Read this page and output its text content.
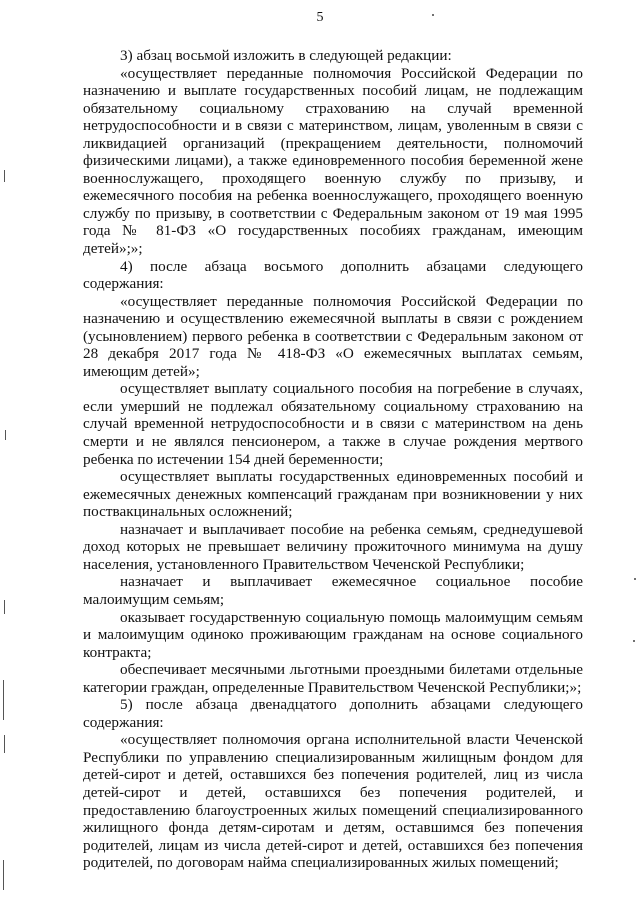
5

3) абзац восьмой изложить в следующей редакции:

«осуществляет переданные полномочия Российской Федерации по назначению и выплате государственных пособий лицам, не подлежащим обязательному социальному страхованию на случай временной нетрудоспособности и в связи с материнством, лицам, уволенным в связи с ликвидацией организаций (прекращением деятельности, полномочий физическими лицами), а также единовременного пособия беременной жене военнослужащего, проходящего военную службу по призыву, и ежемесячного пособия на ребенка военнослужащего, проходящего военную службу по призыву, в соответствии с Федеральным законом от 19 мая 1995 года № 81-ФЗ «О государственных пособиях гражданам, имеющим детей»;»;

4) после абзаца восьмого дополнить абзацами следующего содержания:

«осуществляет переданные полномочия Российской Федерации по назначению и осуществлению ежемесячной выплаты в связи с рождением (усыновлением) первого ребенка в соответствии с Федеральным законом от 28 декабря 2017 года № 418-ФЗ «О ежемесячных выплатах семьям, имеющим детей»;

осуществляет выплату социального пособия на погребение в случаях, если умерший не подлежал обязательному социальному страхованию на случай временной нетрудоспособности и в связи с материнством на день смерти и не являлся пенсионером, а также в случае рождения мертвого ребенка по истечении 154 дней беременности;

осуществляет выплаты государственных единовременных пособий и ежемесячных денежных компенсаций гражданам при возникновении у них поствакцинальных осложнений;

назначает и выплачивает пособие на ребенка семьям, среднедушевой доход которых не превышает величину прожиточного минимума на душу населения, установленного Правительством Чеченской Республики;

назначает и выплачивает ежемесячное социальное пособие малоимущим семьям;

оказывает государственную социальную помощь малоимущим семьям и малоимущим одиноко проживающим гражданам на основе социального контракта;

обеспечивает месячными льготными проездными билетами отдельные категории граждан, определенные Правительством Чеченской Республики;»;

5) после абзаца двенадцатого дополнить абзацами следующего содержания:

«осуществляет полномочия органа исполнительной власти Чеченской Республики по управлению специализированным жилищным фондом для детей-сирот и детей, оставшихся без попечения родителей, лиц из числа детей-сирот и детей, оставшихся без попечения родителей, и предоставлению благоустроенных жилых помещений специализированного жилищного фонда детям-сиротам и детям, оставшимся без попечения родителей, лицам из числа детей-сирот и детей, оставшихся без попечения родителей, по договорам найма специализированных жилых помещений;
